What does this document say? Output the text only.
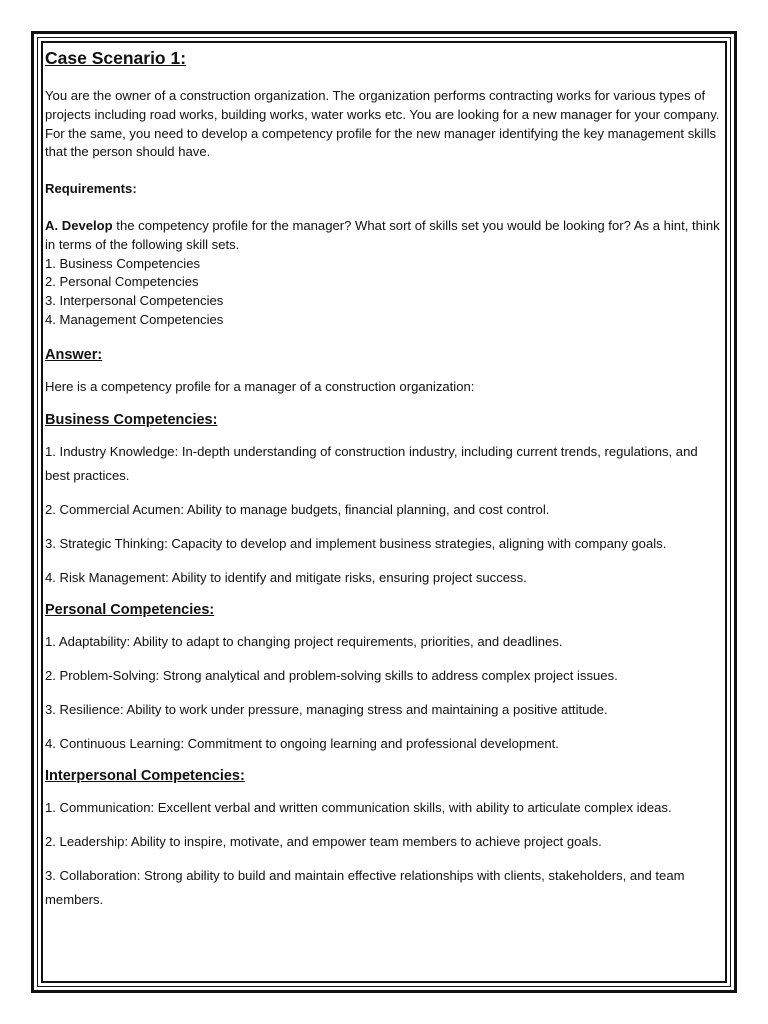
Case Scenario 1:

You are the owner of a construction organization. The organization performs contracting works for various types of projects including road works, building works, water works etc. You are looking for a new manager for your company. For the same, you need to develop a competency profile for the new manager identifying the key management skills that the person should have.

Requirements:

A. Develop the competency profile for the manager? What sort of skills set you would be looking for? As a hint, think in terms of the following skill sets.

1. Business Competencies
2. Personal Competencies
3. Interpersonal Competencies
4. Management Competencies
Answer:

Here is a competency profile for a manager of a construction organization:

Business Competencies:

1. Industry Knowledge: In-depth understanding of construction industry, including current trends, regulations, and best practices.

2. Commercial Acumen: Ability to manage budgets, financial planning, and cost control.

3. Strategic Thinking: Capacity to develop and implement business strategies, aligning with company goals.

4. Risk Management: Ability to identify and mitigate risks, ensuring project success.

Personal Competencies:

1. Adaptability: Ability to adapt to changing project requirements, priorities, and deadlines.

2. Problem-Solving: Strong analytical and problem-solving skills to address complex project issues.

3. Resilience: Ability to work under pressure, managing stress and maintaining a positive attitude.

4. Continuous Learning: Commitment to ongoing learning and professional development.

Interpersonal Competencies:

1. Communication: Excellent verbal and written communication skills, with ability to articulate complex ideas.

2. Leadership: Ability to inspire, motivate, and empower team members to achieve project goals.

3. Collaboration: Strong ability to build and maintain effective relationships with clients, stakeholders, and team members.
